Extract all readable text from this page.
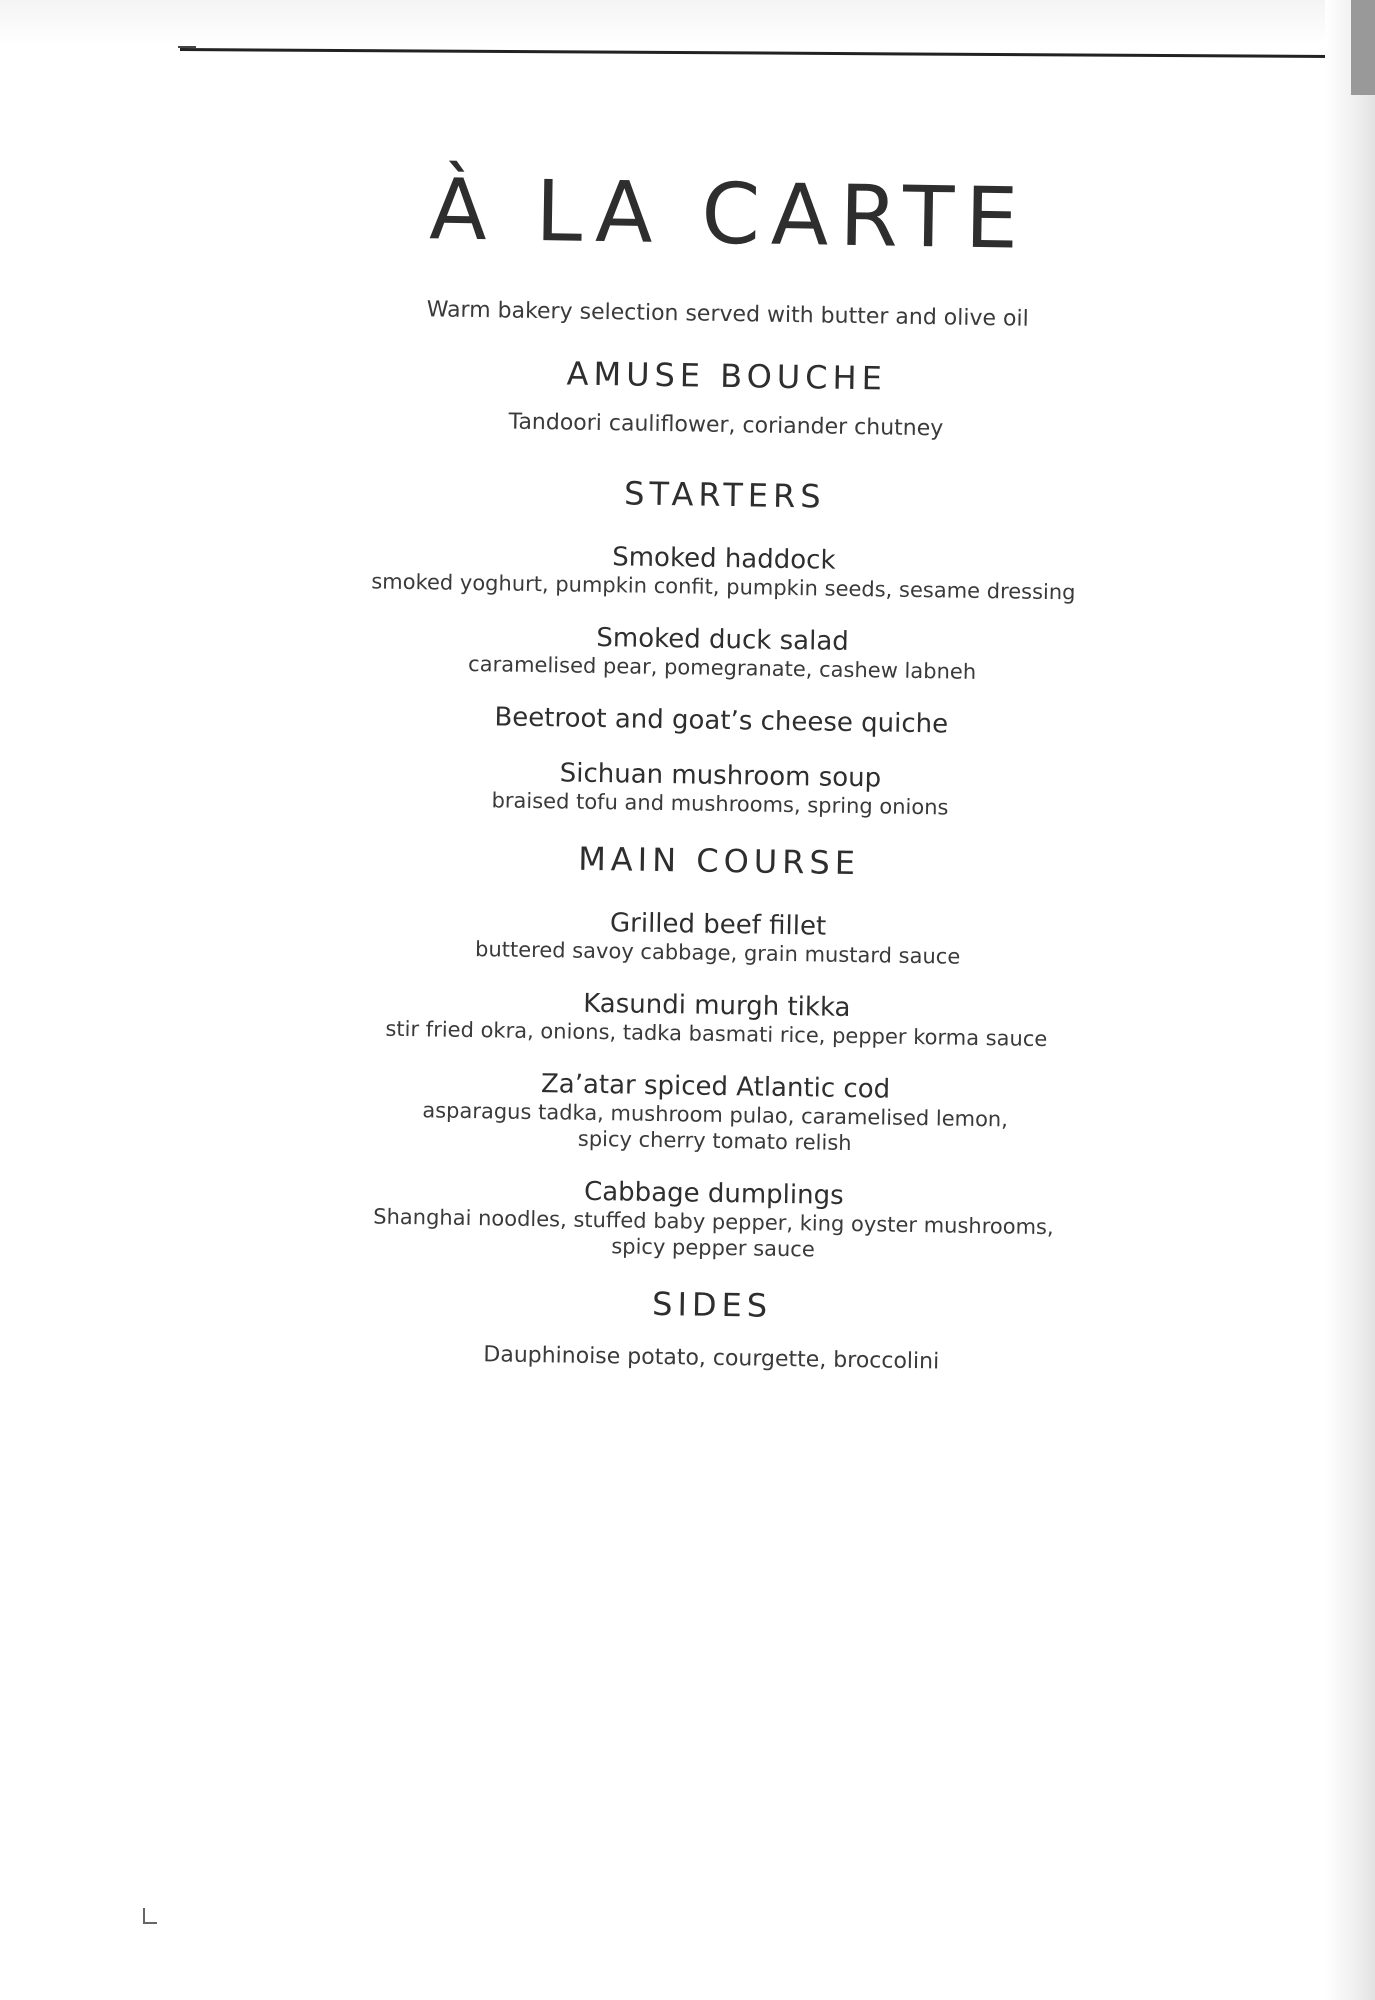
À LA CARTE
Warm bakery selection served with butter and olive oil
AMUSE BOUCHE
Tandoori cauliflower, coriander chutney
STARTERS
Smoked haddock
smoked yoghurt, pumpkin confit, pumpkin seeds, sesame dressing
Smoked duck salad
caramelised pear, pomegranate, cashew labneh
Beetroot and goat’s cheese quiche
Sichuan mushroom soup
braised tofu and mushrooms, spring onions
MAIN COURSE
Grilled beef fillet
buttered savoy cabbage, grain mustard sauce
Kasundi murgh tikka
stir fried okra, onions, tadka basmati rice, pepper korma sauce
Za’atar spiced Atlantic cod
asparagus tadka, mushroom pulao, caramelised lemon,
spicy cherry tomato relish
Cabbage dumplings
Shanghai noodles, stuffed baby pepper, king oyster mushrooms,
spicy pepper sauce
SIDES
Dauphinoise potato, courgette, broccolini
